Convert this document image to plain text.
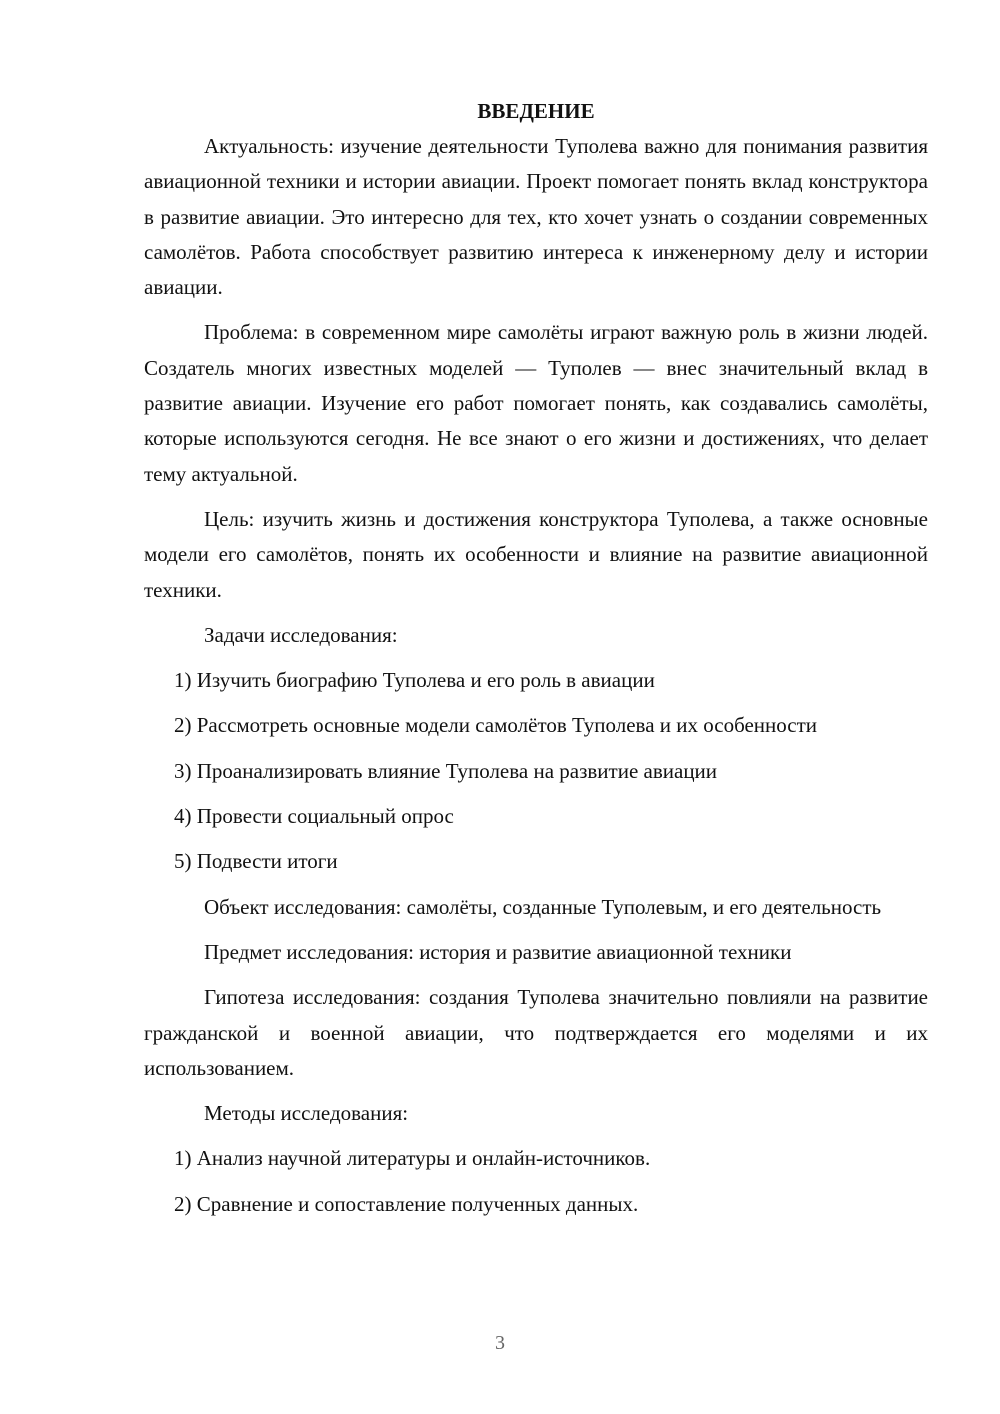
ВВЕДЕНИЕ

Актуальность: изучение деятельности Туполева важно для понимания развития авиационной техники и истории авиации. Проект помогает понять вклад конструктора в развитие авиации. Это интересно для тех, кто хочет узнать о создании современных самолётов. Работа способствует развитию интереса к инженерному делу и истории авиации.

Проблема: в современном мире самолёты играют важную роль в жизни людей. Создатель многих известных моделей — Туполев — внес значительный вклад в развитие авиации. Изучение его работ помогает понять, как создавались самолёты, которые используются сегодня. Не все знают о его жизни и достижениях, что делает тему актуальной.

Цель: изучить жизнь и достижения конструктора Туполева, а также основные модели его самолётов, понять их особенности и влияние на развитие авиационной техники.

Задачи исследования:

1) Изучить биографию Туполева и его роль в авиации

2) Рассмотреть основные модели самолётов Туполева и их особенности

3) Проанализировать влияние Туполева на развитие авиации

4) Провести социальный опрос

5) Подвести итоги

Объект исследования: самолёты, созданные Туполевым, и его деятельность

Предмет исследования: история и развитие авиационной техники

Гипотеза исследования: создания Туполева значительно повлияли на развитие гражданской и военной авиации, что подтверждается его моделями и их использованием.

Методы исследования:

1) Анализ научной литературы и онлайн-источников.

2) Сравнение и сопоставление полученных данных.

3
